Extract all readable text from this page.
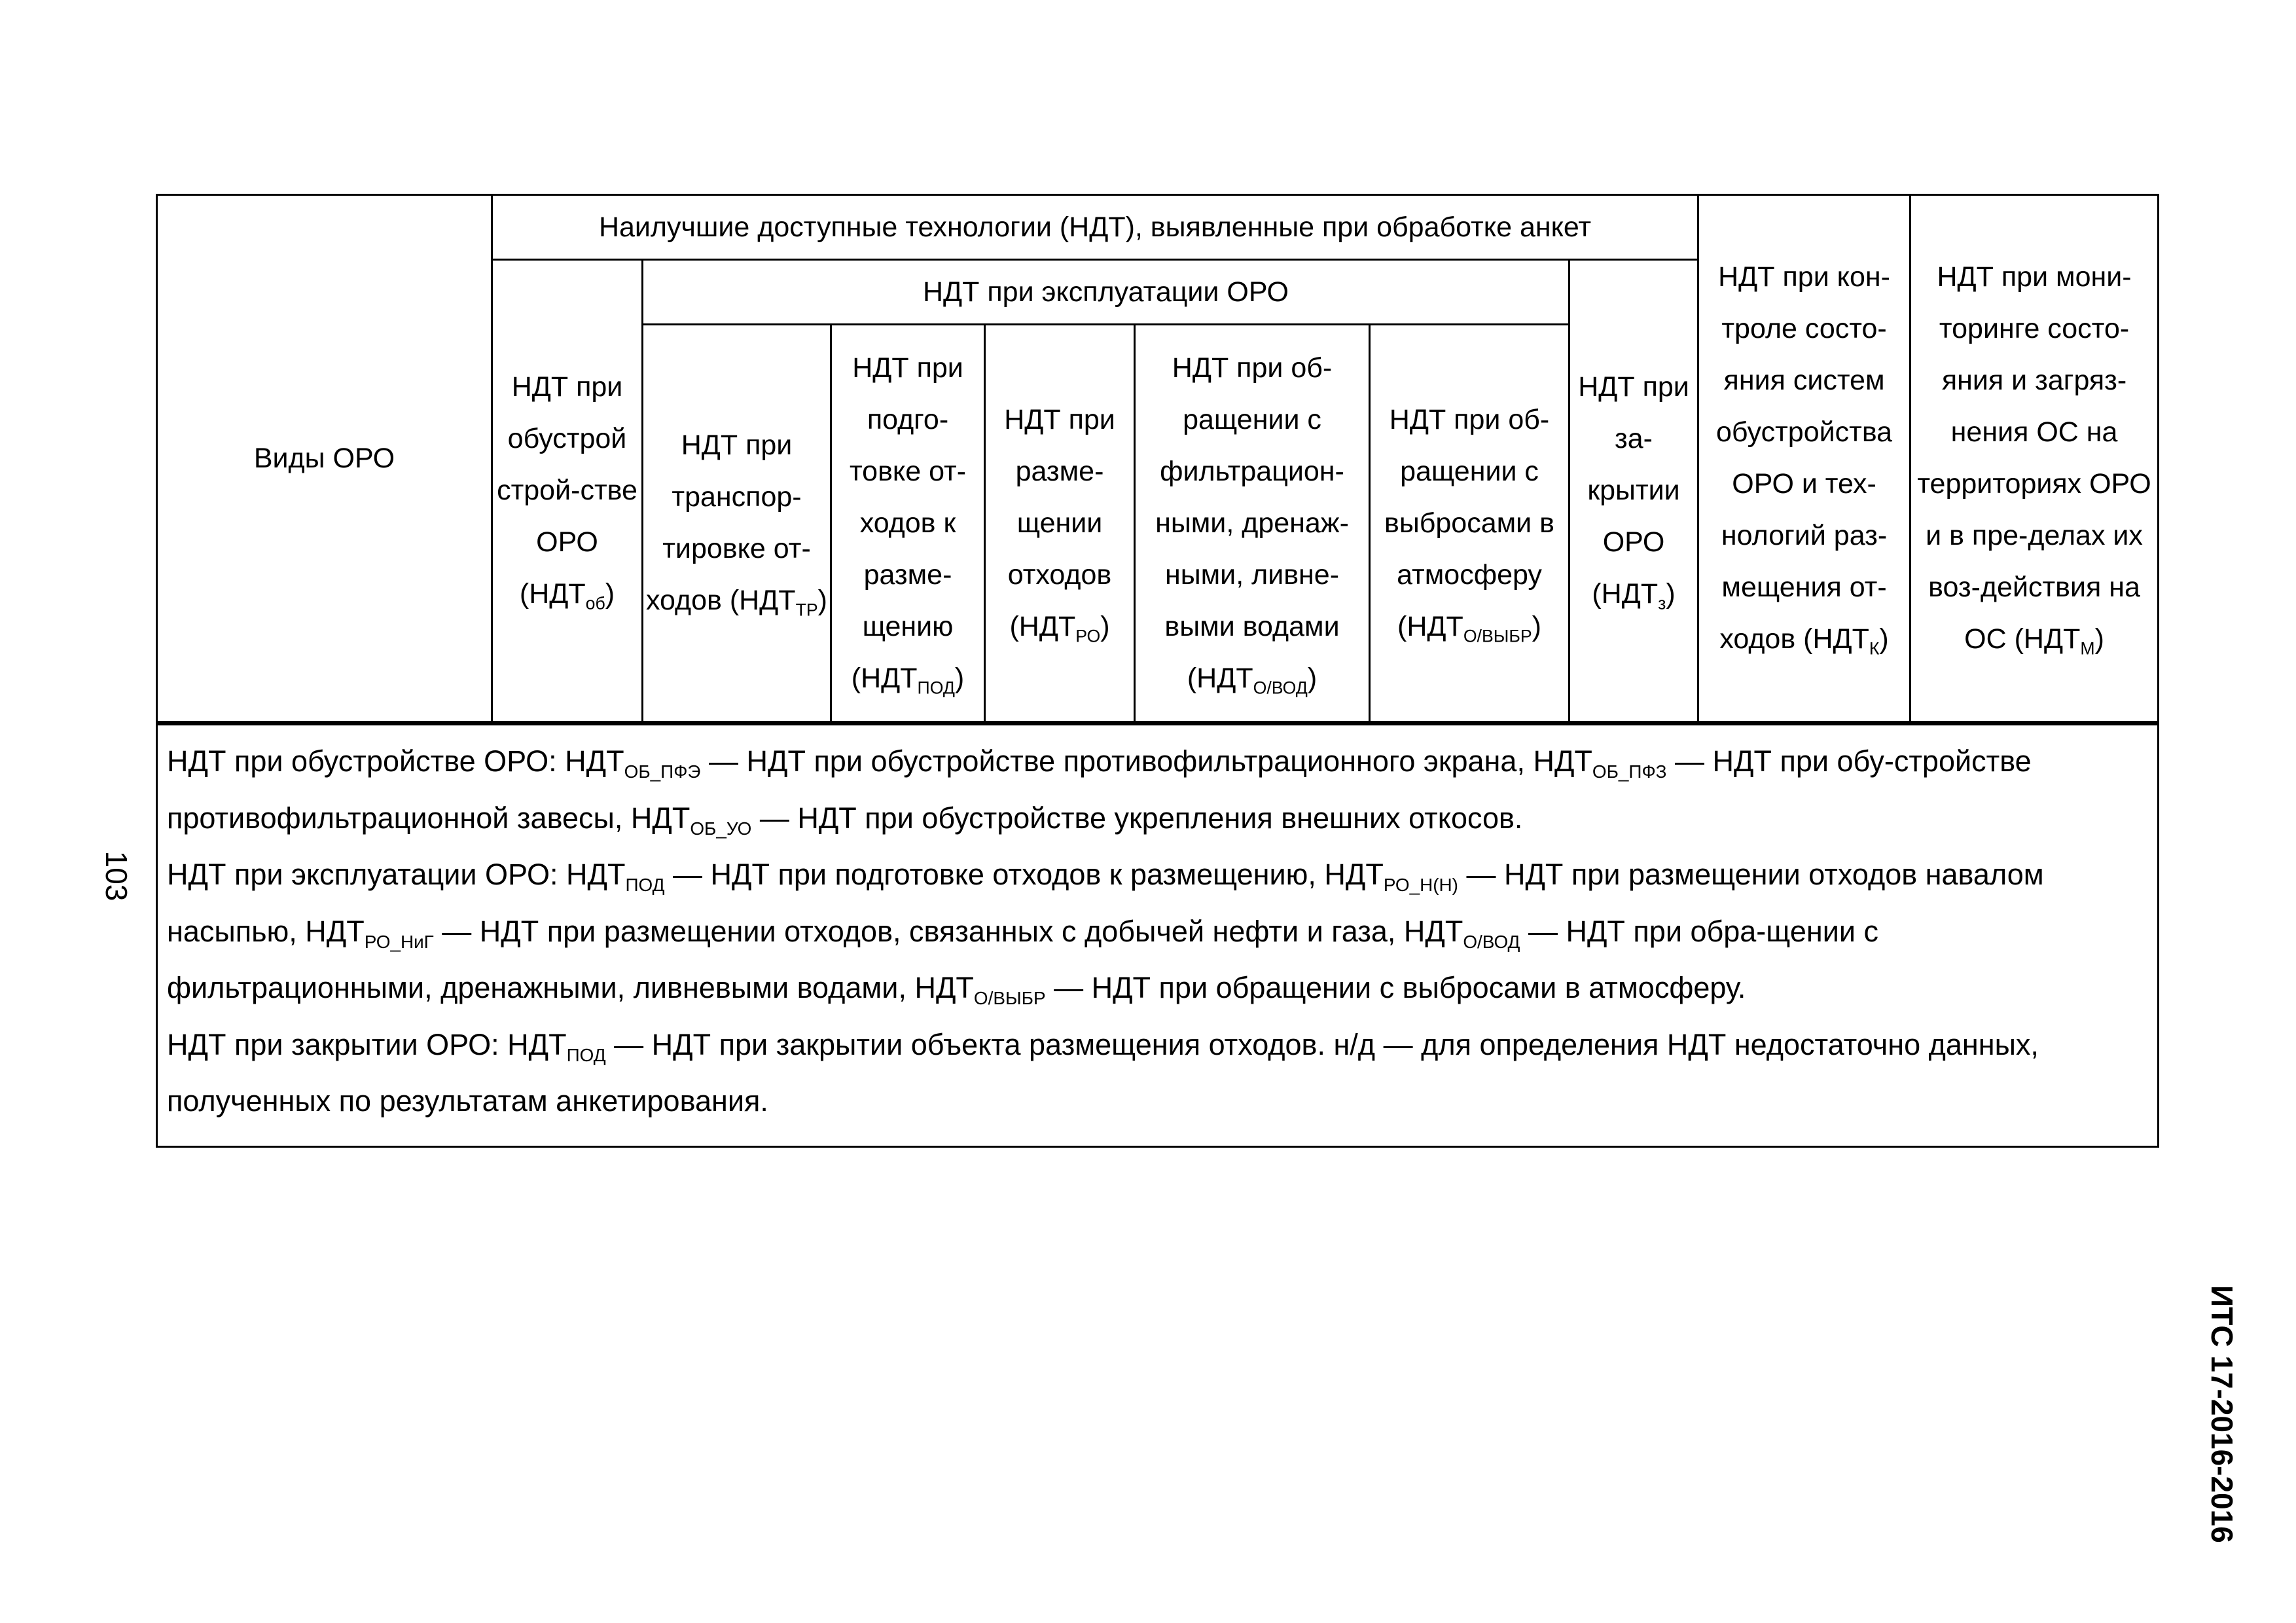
103
ИТС 17-2016-2016
Виды ОРО	Наилучшие доступные технологии (НДТ), выявленные при обработке анкет							НДТ при кон-троле состо-яния систем обустройства ОРО и тех-нологий раз-мещения от-ходов $(НДТ_К)$	НДТ при мони-торинге состо-яния и загряз-нения ОС на территориях ОРО и в пре-делах их воз-действия на ОС $(НДТ_М)$
	НДТ при обустрой строй-стве ОРО $(НДТ_{об})$	НДТ при эксплуатации ОРО					НДТ при за-крытии ОРО $(НДТ_з)$		
		НДТ при транспор-тировке от-ходов $(НДТ_{ТР})$	НДТ при подго-товке от-ходов к разме-щению $(НДТ_{ПОД})$	НДТ при разме-щении отходов $(НДТ_{РО})$	НДТ при об-ращении с фильтрацион-ными, дренаж-ными, ливне-выми водами $(НДТ_{О/ВОД})$	НДТ при об-ращении с выбросами в атмосферу $(НДТ_{О/ВЫБР})$			

НДТ при обустройстве ОРО: $НДТ_{ОБ\_ПФЭ}$ — НДТ при обустройстве противофильтрационного экрана, $НДТ_{ОБ\_ПФЗ}$ — НДТ при обу-стройстве противофильтрационной завесы, $НДТ_{ОБ\_УО}$ — НДТ при обустройстве укрепления внешних откосов.
НДТ при эксплуатации ОРО: $НДТ_{ПОД}$ — НДТ при подготовке отходов к размещению, $НДТ_{РО\_Н(Н)}$ — НДТ при размещении отходов навалом насыпью, $НДТ_{РО\_НиГ}$ — НДТ при размещении отходов, связанных с добычей нефти и газа, $НДТ_{О/ВОД}$ — НДТ при обра-щении с фильтрационными, дренажными, ливневыми водами, $НДТ_{О/ВЫБР}$ — НДТ при обращении с выбросами в атмосферу.
НДТ при закрытии ОРО: $НДТ_{ПОД}$ — НДТ при закрытии объекта размещения отходов. н/д — для определения НДТ недостаточно данных, полученных по результатам анкетирования.									
